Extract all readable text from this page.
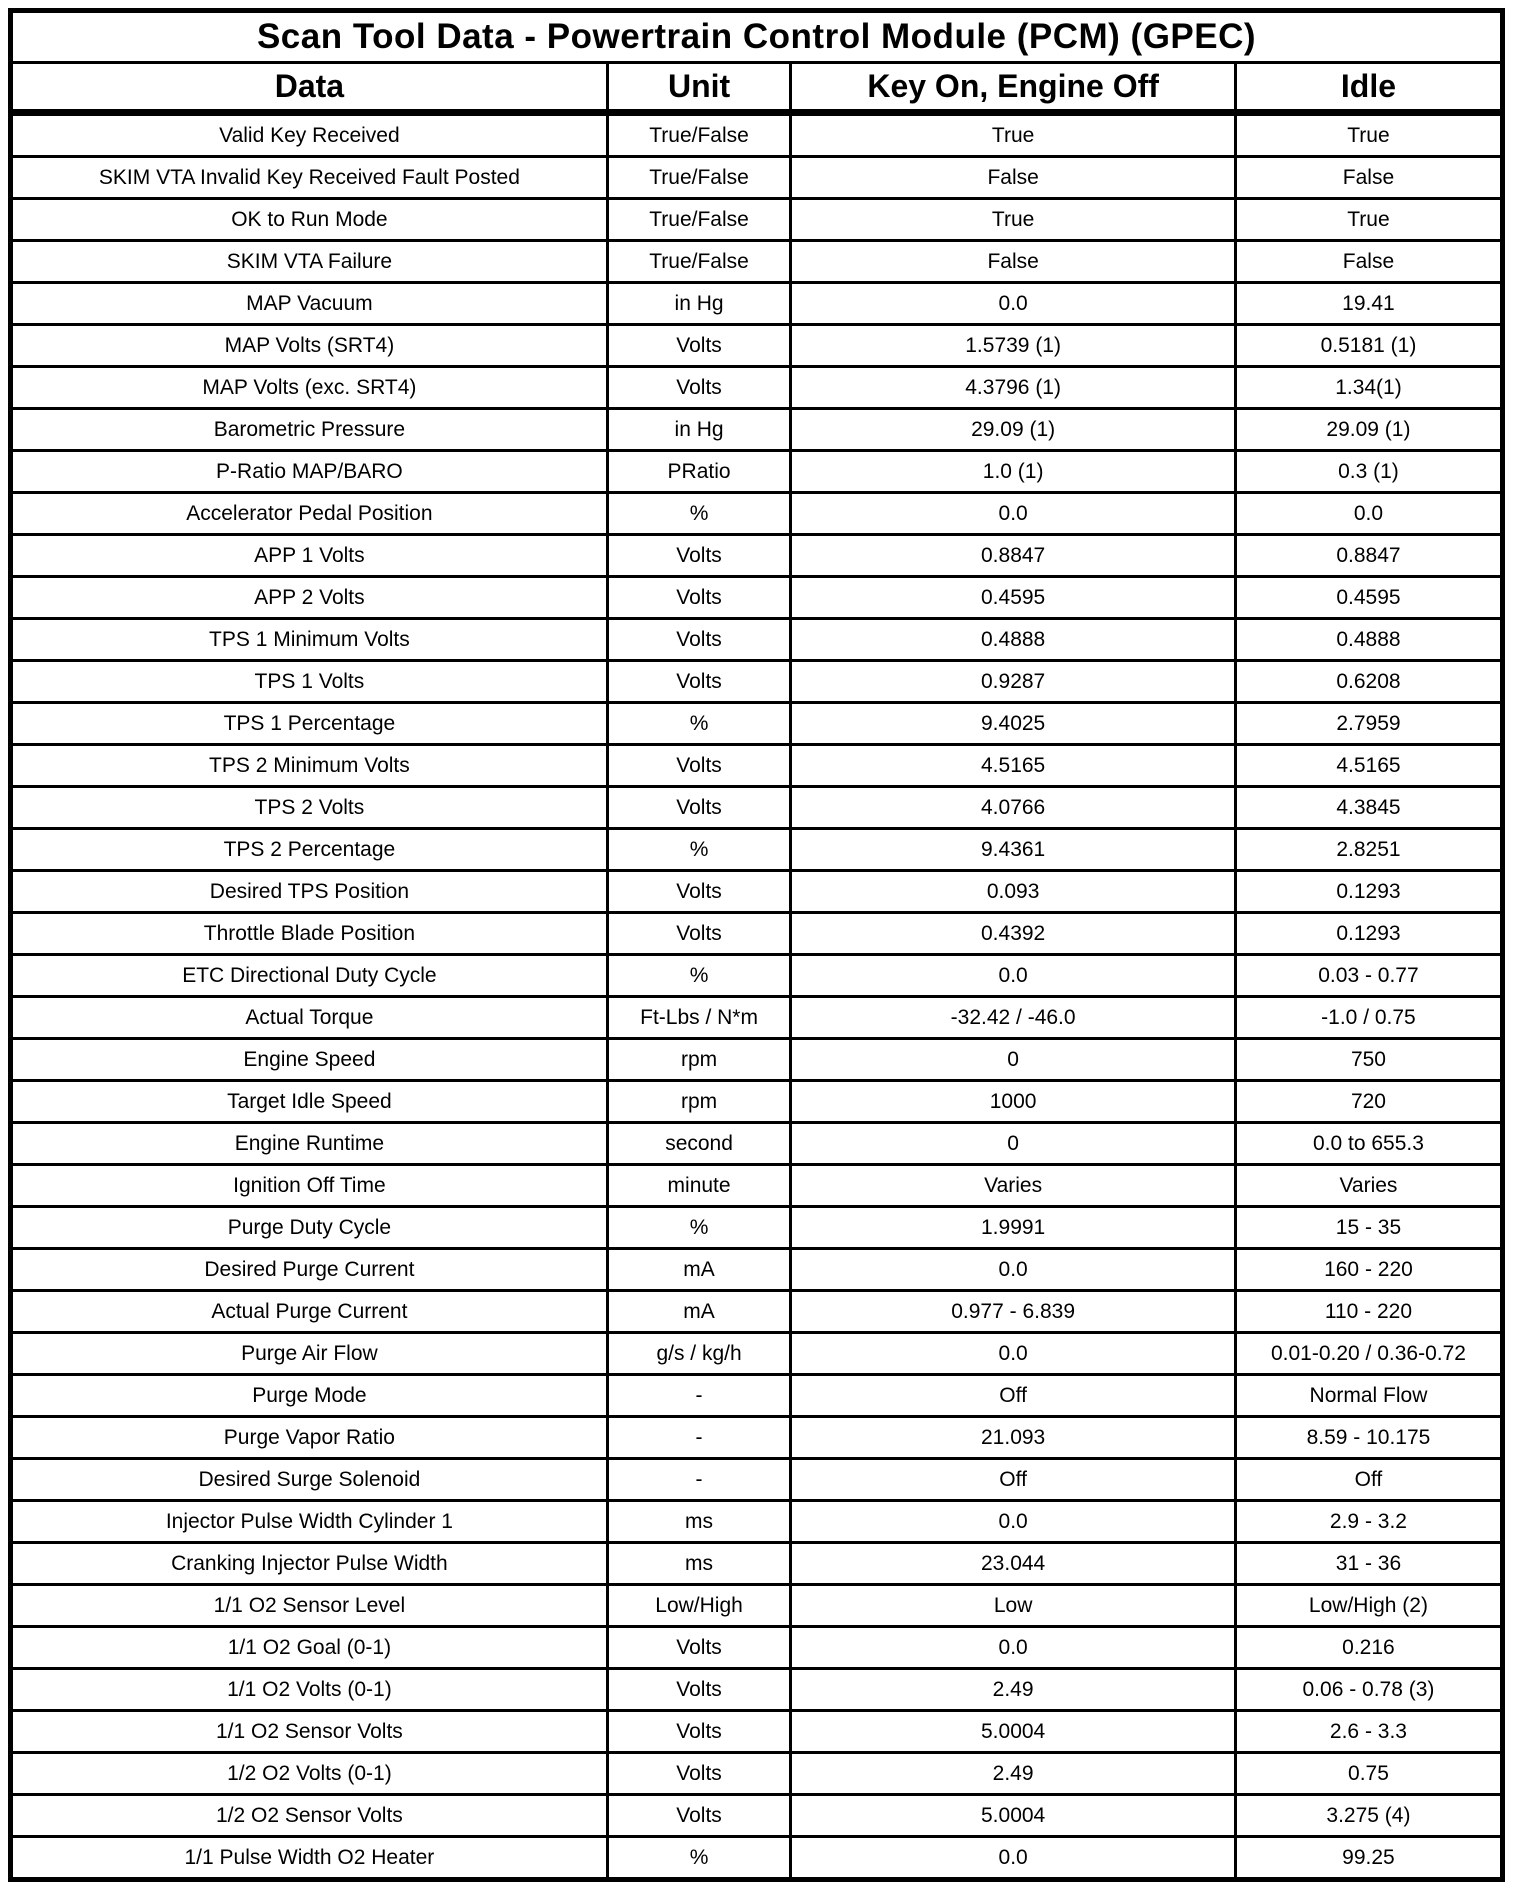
Scan Tool Data - Powertrain Control Module (PCM) (GPEC)			
Data	Unit	Key On, Engine Off	Idle
Valid Key Received	True/False	True	True
SKIM VTA Invalid Key Received Fault Posted	True/False	False	False
OK to Run Mode	True/False	True	True
SKIM VTA Failure	True/False	False	False
MAP Vacuum	in Hg	0.0	19.41
MAP Volts (SRT4)	Volts	1.5739 (1)	0.5181 (1)
MAP Volts (exc. SRT4)	Volts	4.3796 (1)	1.34(1)
Barometric Pressure	in Hg	29.09 (1)	29.09 (1)
P-Ratio MAP/BARO	PRatio	1.0 (1)	0.3 (1)
Accelerator Pedal Position	%	0.0	0.0
APP 1 Volts	Volts	0.8847	0.8847
APP 2 Volts	Volts	0.4595	0.4595
TPS 1 Minimum Volts	Volts	0.4888	0.4888
TPS 1 Volts	Volts	0.9287	0.6208
TPS 1 Percentage	%	9.4025	2.7959
TPS 2 Minimum Volts	Volts	4.5165	4.5165
TPS 2 Volts	Volts	4.0766	4.3845
TPS 2 Percentage	%	9.4361	2.8251
Desired TPS Position	Volts	0.093	0.1293
Throttle Blade Position	Volts	0.4392	0.1293
ETC Directional Duty Cycle	%	0.0	0.03 - 0.77
Actual Torque	Ft-Lbs / N*m	-32.42 / -46.0	-1.0 / 0.75
Engine Speed	rpm	0	750
Target Idle Speed	rpm	1000	720
Engine Runtime	second	0	0.0 to 655.3
Ignition Off Time	minute	Varies	Varies
Purge Duty Cycle	%	1.9991	15 - 35
Desired Purge Current	mA	0.0	160 - 220
Actual Purge Current	mA	0.977 - 6.839	110 - 220
Purge Air Flow	g/s / kg/h	0.0	0.01-0.20 / 0.36-0.72
Purge Mode	-	Off	Normal Flow
Purge Vapor Ratio	-	21.093	8.59 - 10.175
Desired Surge Solenoid	-	Off	Off
Injector Pulse Width Cylinder 1	ms	0.0	2.9 - 3.2
Cranking Injector Pulse Width	ms	23.044	31 - 36
1/1 O2 Sensor Level	Low/High	Low	Low/High (2)
1/1 O2 Goal (0-1)	Volts	0.0	0.216
1/1 O2 Volts (0-1)	Volts	2.49	0.06 - 0.78 (3)
1/1 O2 Sensor Volts	Volts	5.0004	2.6 - 3.3
1/2 O2 Volts (0-1)	Volts	2.49	0.75
1/2 O2 Sensor Volts	Volts	5.0004	3.275 (4)
1/1 Pulse Width O2 Heater	%	0.0	99.25
